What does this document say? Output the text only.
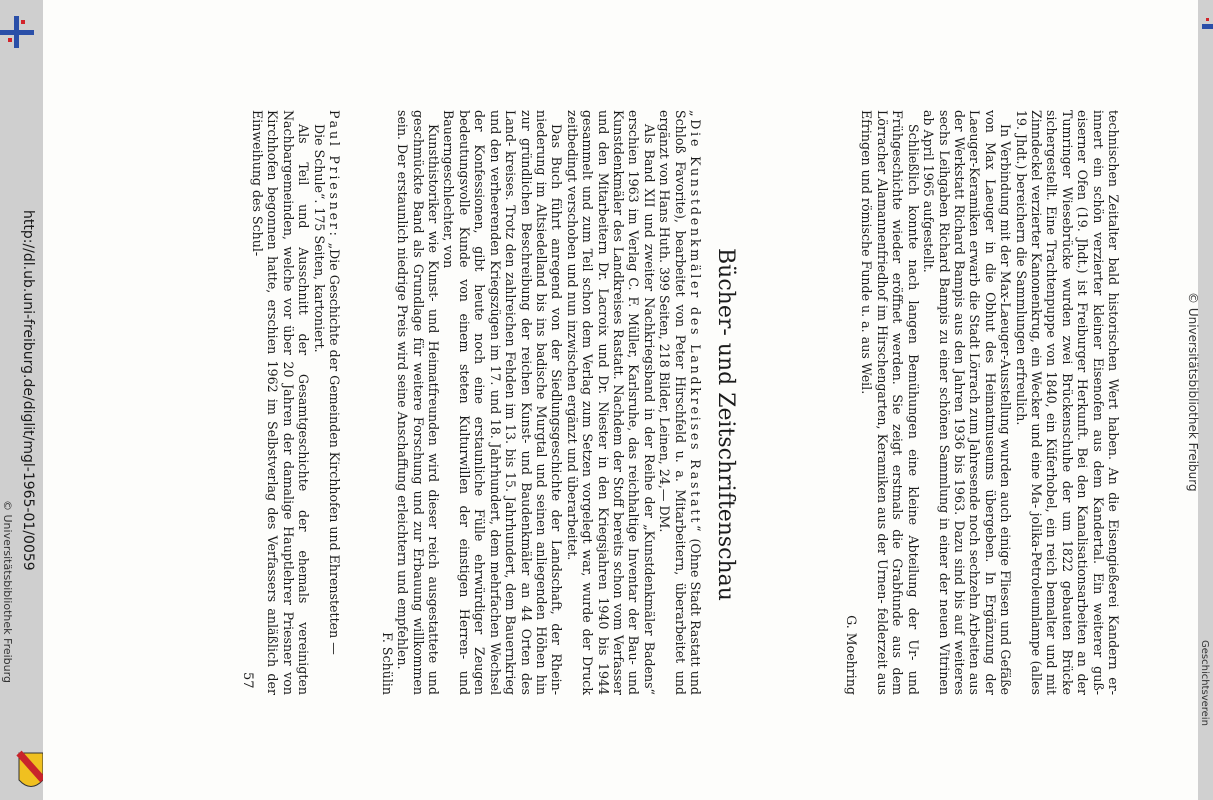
http://dl.ub.uni-freiburg.de/diglit/mgl-1965-01/0059
© Universitätsbibliothek Freiburg
Geschichtsverein
© Universitätsbibliothek Freiburg

technischen Zeitalter bald historischen Wert haben. An die Eisengießerei Kandern er- innert ein schön verzierter kleiner Eisenofen aus dem Kandertal. Ein weiterer guß- eiserner Ofen (19. Jhdt.) ist Freiburger Herkunft. Bei den Kanalisationsarbeiten an der Tumringer Wiesebrücke wurden zwei Brückenschuhe der um 1822 gebauten Brücke sichergestellt. Eine Trachtenpuppe von 1840, ein Küferhobel, ein reich bemalter und mit Zinndeckel verzierter Kanonenkrug, ein Wecker und eine Ma- jolika-Petroleumlampe (alles 19. Jhdt.) bereichern die Sammlungen erfreulich.

In Verbindung mit der Max-Laeuger-Ausstellung wurden auch einige Fliesen und Gefäße von Max Laeuger in die Obhut des Heimatmuseums übergeben. In Ergänzung der Laeuger-Keramiken erwarb die Stadt Lörrach zum Jahresende noch sechzehn Arbeiten aus der Werkstatt Richard Bampis aus den Jahren 1936 bis 1963. Dazu sind bis auf weiteres sechs Leihgaben Richard Bampis zu einer schönen Sammlung in einer der neuen Vitrinen ab April 1965 aufgestellt.

Schließlich konnte nach langen Bemühungen eine kleine Abteilung der Ur- und Frühgeschichte wieder eröffnet werden. Sie zeigt erstmals die Grabfunde aus dem Lörracher Alamannenfriedhof im Hirschengarten, Keramiken aus der Urnen- felderzeit aus Efringen und römische Funde u. a. aus Weil.

G. Moehring

Bücher- und Zeitschriftenschau

„Die Kunstdenkmäler des Landkreises Rastatt“ (Ohne Stadt Rastatt und Schloß Favorite), bearbeitet von Peter Hirschfeld u. a. Mitarbeitern, überarbeitet und ergänzt von Hans Huth. 399 Seiten, 218 Bilder, Leinen, 24,— DM.

Als Band XII und zweiter Nachkriegsband in der Reihe der „Kunstdenkmäler Badens“ erschien 1963 im Verlag C. F. Müller, Karlsruhe, das reichhaltige Inventar der Bau- und Kunstdenkmäler des Landkreises Rastatt. Nachdem der Stoff bereits schon vom Verfasser und den Mitarbeitern Dr. Lacroix und Dr. Niester in den Kriegsjahren 1940 bis 1944 gesammelt und zum Teil schon dem Verlag zum Setzen vorgelegt war, wurde der Druck zeitbedingt verschoben und nun inzwischen ergänzt und überarbeitet.

Das Buch führt anregend von der Siedlungsgeschichte der Landschaft, der Rhein- niederung im Altsiedelland bis ins badische Murgtal und seinen anliegenden Höhen hin zur gründlichen Beschreibung der reichen Kunst- und Baudenkmäler an 44 Orten des Land- kreises. Trotz den zahlreichen Fehden im 13. bis 15. Jahrhundert, dem Bauernkrieg und den verheerenden Kriegszügen im 17. und 18. Jahrhundert, dem mehrfachen Wechsel der Konfessionen, gibt heute noch eine erstaunliche Fülle ehrwürdiger Zeugen bedeutungsvolle Kunde von einem steten Kulturwillen der einstigen Herren- und Bauerngeschlechter, von

Kunsthistoriker wie Kunst- und Heimatfreunden wird dieser reich ausgestattete und geschmückte Band als Grundlage für weitere Forschung und zur Erbauung willkommen sein. Der erstaunlich niedrige Preis wird seine Anschaffung erleichtern und empfehlen.

F. Schülin

Paul Priesner: „Die Geschichte der Gemeinden Kirchhofen und Ehrenstetten —

Die Schule“. 175 Seiten, kartoniert.

Als Teil und Ausschnitt der Gesamtgeschichte der ehemals vereinigten Nachbargemeinden, welche vor über 20 Jahren der damalige Hauptlehrer Priesner von Kirchhofen begonnen hatte, erschien 1962 im Selbstverlag des Verfassers anläßlich der Einweihung des Schul-

57
